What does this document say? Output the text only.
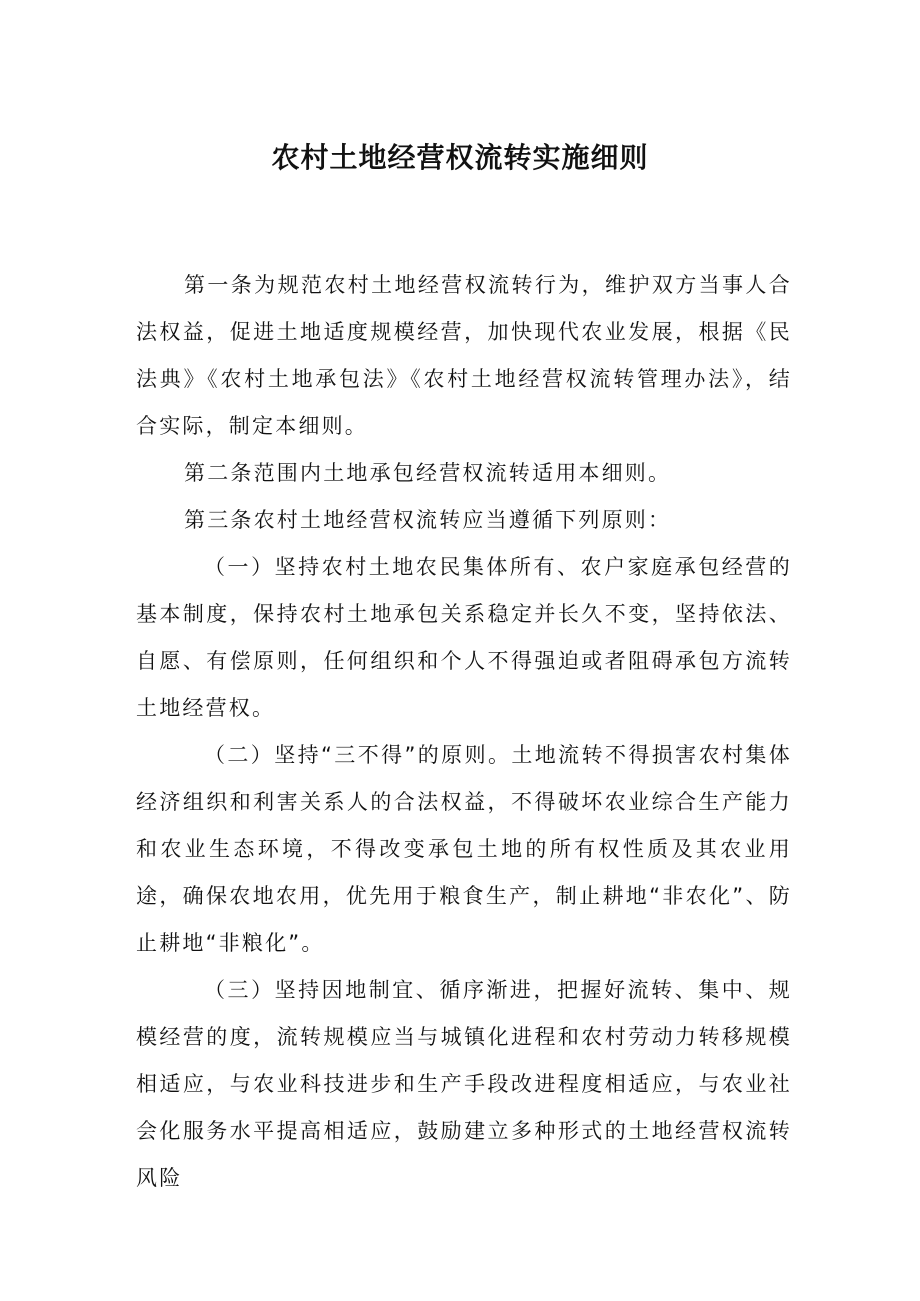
农村土地经营权流转实施细则

第一条为规范农村土地经营权流转行为，维护双方当事人合法权益，促进土地适度规模经营，加快现代农业发展，根据《民法典》《农村土地承包法》《农村土地经营权流转管理办法》，结合实际，制定本细则。

第二条范围内土地承包经营权流转适用本细则。

第三条农村土地经营权流转应当遵循下列原则：

（一）坚持农村土地农民集体所有、农户家庭承包经营的基本制度，保持农村土地承包关系稳定并长久不变，坚持依法、自愿、有偿原则，任何组织和个人不得强迫或者阻碍承包方流转土地经营权。

（二）坚持“三不得”的原则。土地流转不得损害农村集体经济组织和利害关系人的合法权益，不得破坏农业综合生产能力和农业生态环境，不得改变承包土地的所有权性质及其农业用途，确保农地农用，优先用于粮食生产，制止耕地“非农化”、防止耕地“非粮化”。

（三）坚持因地制宜、循序渐进，把握好流转、集中、规模经营的度，流转规模应当与城镇化进程和农村劳动力转移规模相适应，与农业科技进步和生产手段改进程度相适应，与农业社会化服务水平提高相适应，鼓励建立多种形式的土地经营权流转风险
